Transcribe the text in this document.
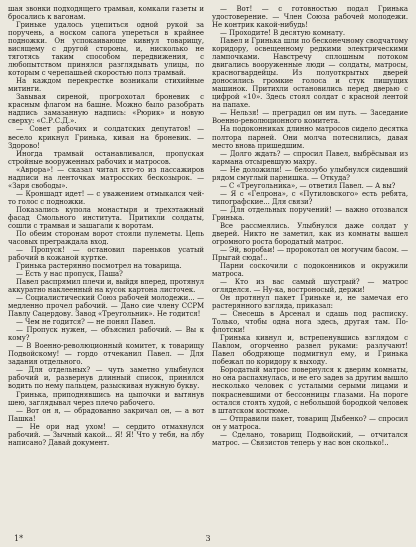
шая звонки подходящего трамвая, комкали газеты и бросались к вагонам.

Гриньке удалось уцепиться одной рукой за поручень, а носком сапога упереться в крайнее подножки. Он успокаивающе кивнул товарищу, висящему с другой стороны, и, нисколько не тяготясь таким способом передвижения, с любопытством принялся разглядывать улицы, по которым с черепашьей скоростью полз трамвай.

На каждом перекрестке возникали стихийные митинги.

Завывая сиреной, прогрохотал броневик с красным флагом на башне. Можно было разобрать надпись замазанную надпись: «Рюрик» и новую сверху: «С.Р.С.Д.».

— Совет рабочих и солдатских депутатов! — весело крикнул Гринька, кивая на броневик. — Здорово!

Иногда трамвай останавливался, пропуская стройные вооруженных рабочих и матросов.

«Аврора»! — сказал читал кто-то из пассажиров надписи на ленточках матросских бескозырок. — «Заря свободы».

— Кроншадт идет! — с уважением отмыкался чей-то голос с подножки.

Показались купола монастыря и трехэтажный фасад Смольного института. Притихли солдаты, сошли с трамвая и зашагали к воротам.

По обеим сторонам ворот стояли пулеметы. Цепь часовых преграждала вход.

— Пропуск! — остановил пареньков усатый рабочий в кожаной куртке.

Гринька растерянно посмотрел на товарища.

— Есть у нас пропуск, Паша?

Павел распрямил плечи и, выйдя вперед, протянул аккуратно наклеенный на кусок картона листочек.

— Социалистический Союз рабочей молодежи... — медленно прочел рабочий. — Дано сие члену ССРМ Павлу Сацердову. Завод «Треугольник». Не годится!

— Чем не годится? — не понял Павел.

— Пропуск нужен, — объяснил рабочий. — Вы к кому?

— В Военно-революционный комитет, к товарищу Подвойскому! — гордо отчеканил Павел. — Для задания отдельного.

— Для отдельных? — чуть заметно улыбнулся рабочий и, развернув длинный список, принялся водить по нему пальцем, разыскивая нужную букву.

Гринька, приподнявшись на цыпочки и вытянув шею, заглядывал через плечо рабочего.

— Вот он я, — обрадованно закричал он, — а вот Пашка!

— Не ори над ухом! — сердито отмахнулся рабочий. — Зычный какой... Я! Я! Что у тебя, на лбу написано? Давай документ.

— Вот! — с готовностью подал Гринька удостоверение. — Член Союза рабочей молодежи. Не контрик какой-нибудь!

— Проходите! В десятую комнату.

Павел и Гринька шли по бесконечному сводчатому коридору, освещенному редкими электрическими лампочками. Навстречу сплошным потоком двигались вооруженные люди — солдаты, матросы, красногвардейцы. Из полуоткрытых дверей доносились громкие голоса и стук пишущих машинок. Притихли остановились перед дверью с цифрой «10». Здесь стоял солдат с красной лентой на папахе.

— Нельзя! — преградил он им путь. — Заседание Военно-революционного комитета.

На подоконниках длинно матросов сидело десятка полтора парней. Они молча потеснились, давая место вновь пришедшим.

— Долго ждать? — спросил Павел, выбрёсывая из кармана отсыревшую махру.

— Не доложили! — белозубо улыбнулся сидевший рядом смуглый парнишка. — Откуда?

— С «Треугольника», — ответил Павел. — А вы?

— Я с «Гелрона», с «Путиловского» есть ребята, типографские... Для связи?

— Для отдельных поручений! — важно отозвался Гринька.

Все рассмеялись. Улыбнулся даже солдат у дверей. Никто не заметил, как из комнаты вышел огромного роста бородатый матрос.

— Эй, воробьи! — пророкотал он могучим басом. — Прыгай сюда!..

Парни соскочили с подоконников и окружили матроса.

— Кто из вас самый шустрый? — матрос огляделся. — Ну-ка, востроносый, держи!

Он протянул пакет Гриньке и, не замечая его растерянного взгляда, приказал:

— Снесешь в Арсенал и сдашь под расписку. Только, чтобы одна нога здесь, другая там. По-флотски!

Гринька кивнул и, встрепенувшись взглядом с Павлом, огорченно развел руками: разлучают! Павел ободряюще подмигнул ему, и Гринька побежал по коридору к выходу.

Бородатый матрос повернулся к дверям комнаты, но она распахнулась, и не его задев за другим вышло несколько человек с усталыми серыми лицами и покрасневшими от бессонницы глазами. На пороге остался стоять худой, с небольшой бородкой человек в штатском костюме.

— Отправили пакет, товарищ Дыбенко? — спросил он у матроса.

— Сделано, товарищ Подвойский, — отчитался матрос. — Связистов теперь у нас вон сколько!..

1*	3
